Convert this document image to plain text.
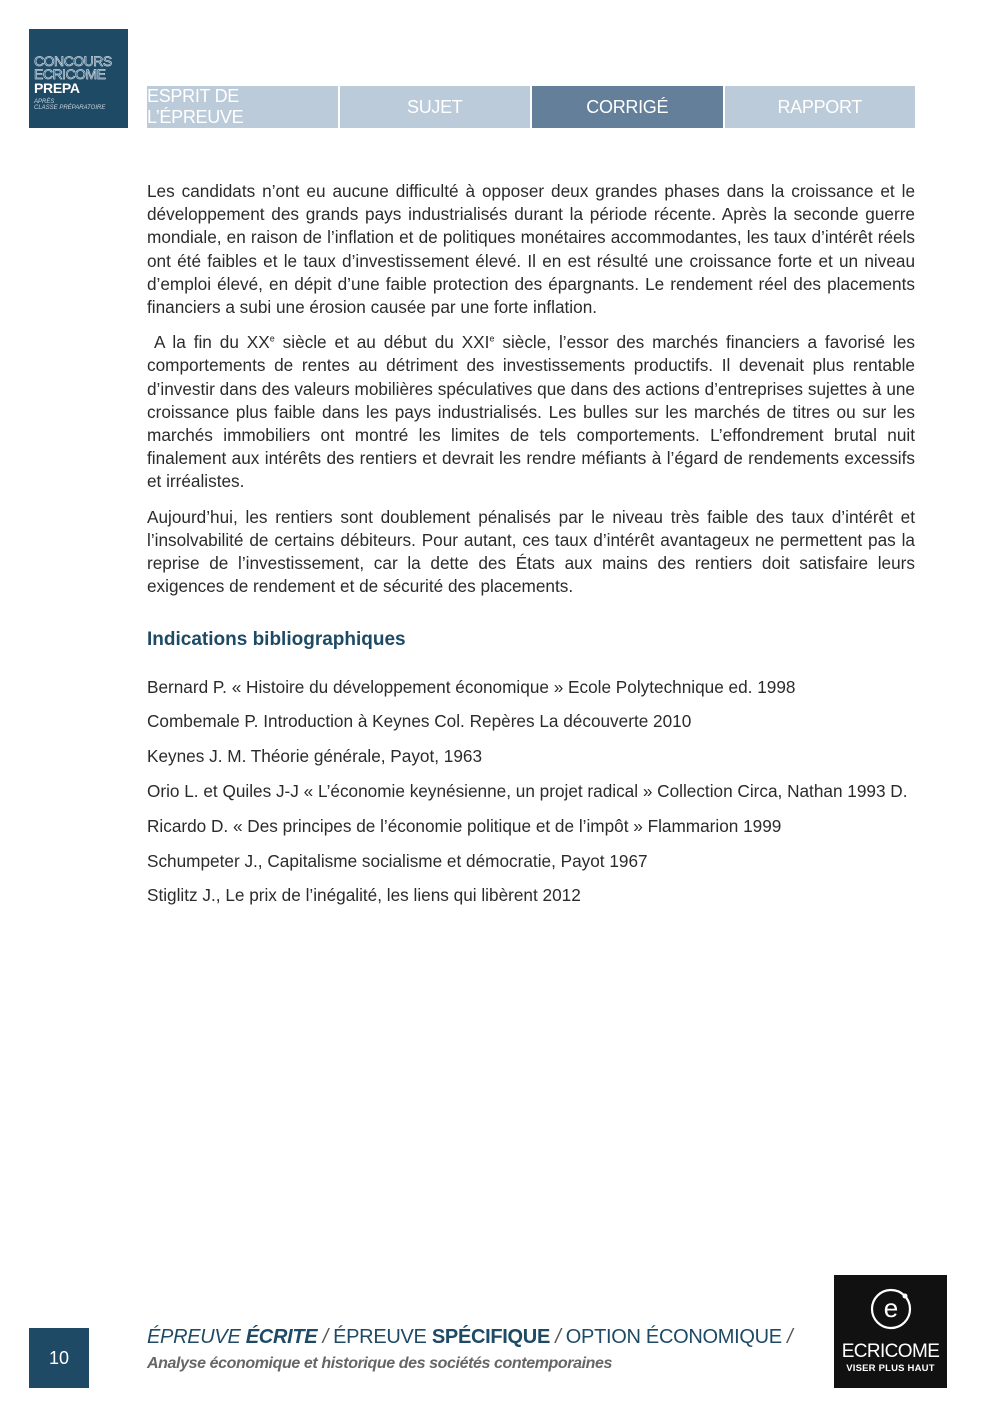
CONCOURS
ECRICOME
PREPA
APRÈS
CLASSE PRÉPARATOIRE
ESPRIT DE L’ÉPREUVE
SUJET	CORRIGÉ	RAPPORT

Les candidats n’ont eu aucune difficulté à opposer deux grandes phases dans la croissance et le développement des grands pays industrialisés durant la période récente. Après la seconde guerre mondiale, en raison de l’inflation et de politiques monétaires accommodantes, les taux d’intérêt réels ont été faibles et le taux d’investissement élevé. Il en est résulté une croissance forte et un niveau d’emploi élevé, en dépit d’une faible protection des épargnants. Le rendement réel des placements financiers a subi une érosion causée par une forte inflation.

A la fin du XXe siècle et au début du XXIe siècle, l’essor des marchés financiers a favorisé les comportements de rentes au détriment des investissements productifs. Il devenait plus rentable d’investir dans des valeurs mobilières spéculatives que dans des actions d’entreprises sujettes à une croissance plus faible dans les pays industrialisés. Les bulles sur les marchés de titres ou sur les marchés immobiliers ont montré les limites de tels comportements. L’effondrement brutal nuit finalement aux intérêts des rentiers et devrait les rendre méfiants à l’égard de rendements excessifs et irréalistes.

Aujourd’hui, les rentiers sont doublement pénalisés par le niveau très faible des taux d’intérêt et l’insolvabilité de certains débiteurs. Pour autant, ces taux d’intérêt avantageux ne permettent pas la reprise de l’investissement, car la dette des États aux mains des rentiers doit satisfaire leurs exigences de rendement et de sécurité des placements.

Indications bibliographiques

Bernard P. « Histoire du développement économique » Ecole Polytechnique ed. 1998

Combemale P. Introduction à Keynes Col. Repères La découverte 2010

Keynes J. M. Théorie générale, Payot, 1963

Orio L. et Quiles J-J « L’économie keynésienne, un projet radical » Collection Circa, Nathan 1993 D.

Ricardo D. « Des principes de l’économie politique et de l’impôt » Flammarion 1999

Schumpeter J., Capitalisme socialisme et démocratie, Payot 1967

Stiglitz J., Le prix de l’inégalité, les liens qui libèrent 2012

10
ÉPREUVE ÉCRITE / ÉPREUVE SPÉCIFIQUE / OPTION ÉCONOMIQUE /
Analyse économique et historique des sociétés contemporaines
e
ECRICOME
VISER PLUS HAUT
